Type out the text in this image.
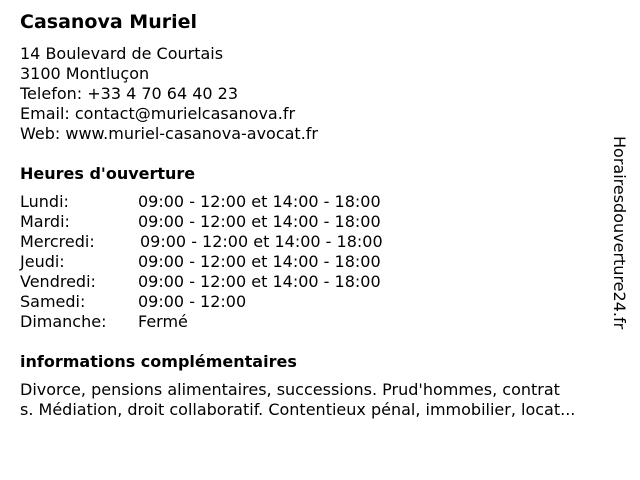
Casanova Muriel
14 Boulevard de Courtais
3100 Montluçon
Telefon: +33 4 70 64 40 23
Email: contact@murielcasanova.fr
Web: www.muriel-casanova-avocat.fr
Heures d'ouverture
Lundi:	09:00 - 12:00 et 14:00 - 18:00
Mardi:	09:00 - 12:00 et 14:00 - 18:00
Mercredi:	09:00 - 12:00 et 14:00 - 18:00
Jeudi:	09:00 - 12:00 et 14:00 - 18:00
Vendredi:	09:00 - 12:00 et 14:00 - 18:00
Samedi:	09:00 - 12:00
Dimanche:	Fermé
informations complémentaires
Divorce, pensions alimentaires, successions. Prud'hommes, contrat
s. Médiation, droit collaboratif. Contentieux pénal, immobilier, locat...
Horairesdouverture24.fr
